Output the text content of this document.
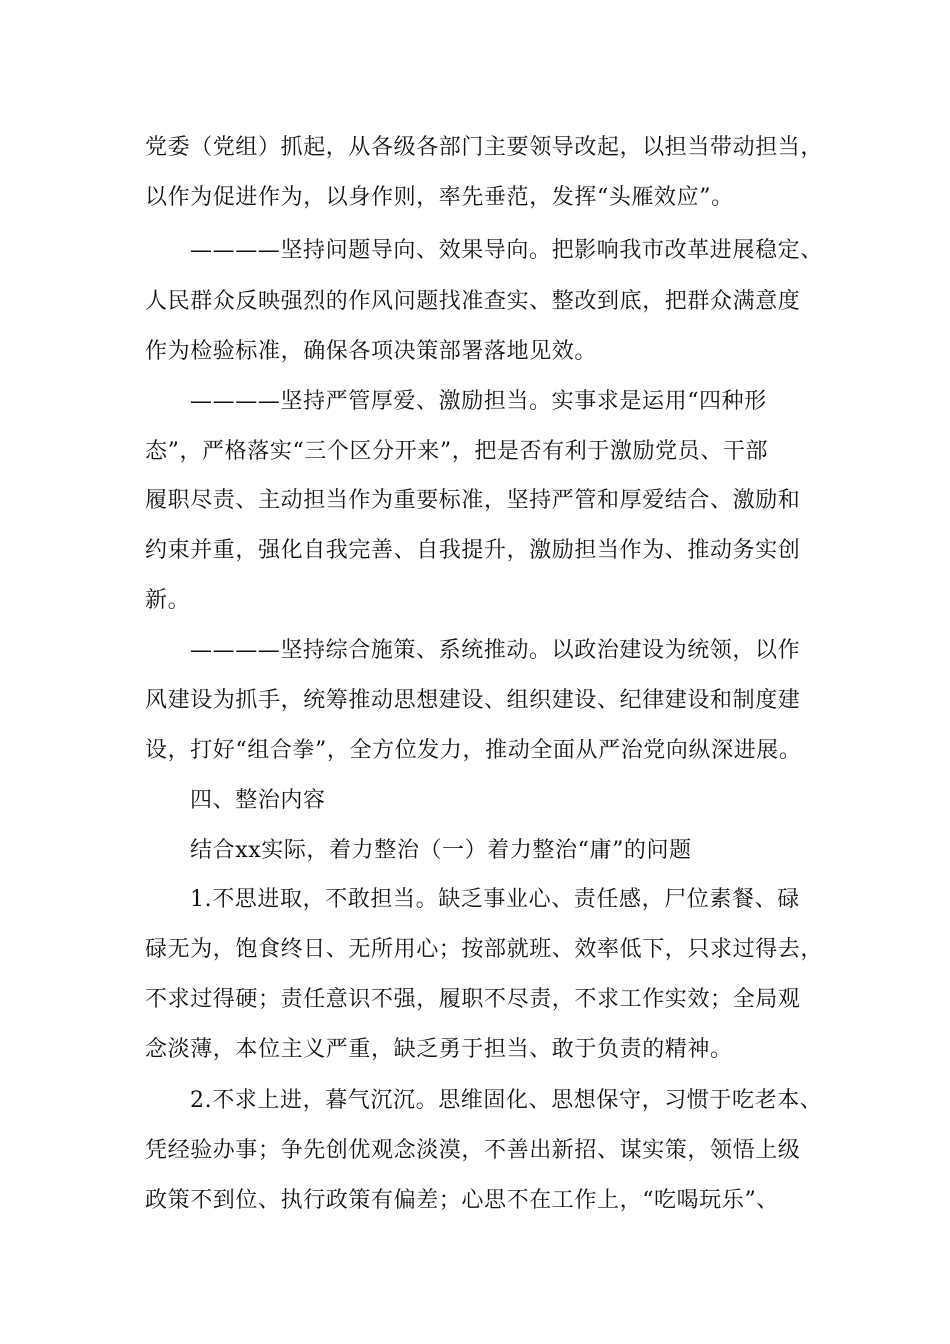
党委（党组）抓起，从各级各部门主要领导改起，以担当带动担当，

以作为促进作为，以身作则，率先垂范，发挥“头雁效应”。

————坚持问题导向、效果导向。把影响我市改革进展稳定、

人民群众反映强烈的作风问题找准查实、整改到底，把群众满意度

作为检验标准，确保各项决策部署落地见效。

————坚持严管厚爱、激励担当。实事求是运用“四种形

态”，严格落实“三个区分开来”，把是否有利于激励党员、干部

履职尽责、主动担当作为重要标准，坚持严管和厚爱结合、激励和

约束并重，强化自我完善、自我提升，激励担当作为、推动务实创

新。

————坚持综合施策、系统推动。以政治建设为统领，以作

风建设为抓手，统筹推动思想建设、组织建设、纪律建设和制度建

设，打好“组合拳”，全方位发力，推动全面从严治党向纵深进展。

四、整治内容

结合xx实际，着力整治（一）着力整治“庸”的问题

1.不思进取，不敢担当。缺乏事业心、责任感，尸位素餐、碌

碌无为，饱食终日、无所用心；按部就班、效率低下，只求过得去，

不求过得硬；责任意识不强，履职不尽责，不求工作实效；全局观

念淡薄，本位主义严重，缺乏勇于担当、敢于负责的精神。

2.不求上进，暮气沉沉。思维固化、思想保守，习惯于吃老本、

凭经验办事；争先创优观念淡漠，不善出新招、谋实策，领悟上级

政策不到位、执行政策有偏差；心思不在工作上，“吃喝玩乐”、
